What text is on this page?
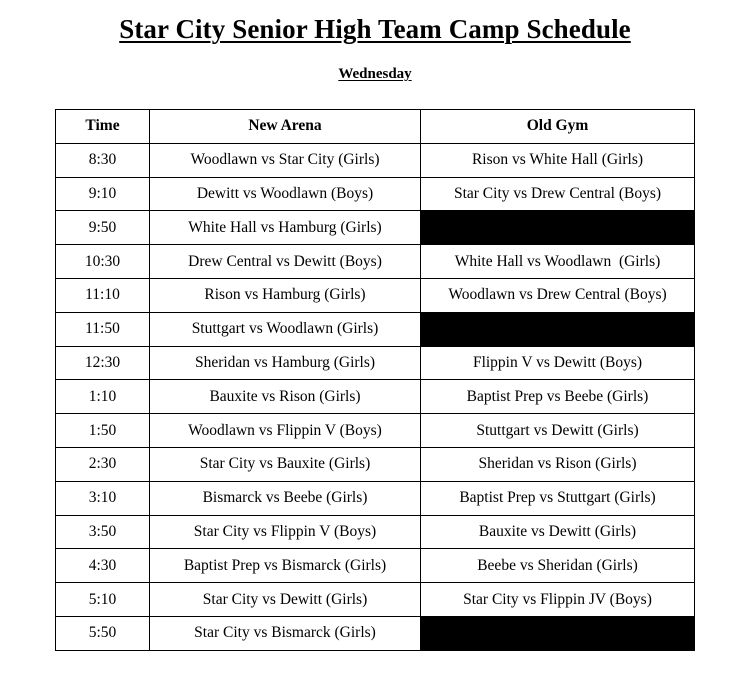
Star City Senior High Team Camp Schedule
Wednesday
Time	New Arena	Old Gym
8:30	Woodlawn vs Star City (Girls)	Rison vs White Hall (Girls)
9:10	Dewitt vs Woodlawn (Boys)	Star City vs Drew Central (Boys)
9:50	White Hall vs Hamburg (Girls)	
10:30	Drew Central vs Dewitt (Boys)	White Hall vs Woodlawn  (Girls)
11:10	Rison vs Hamburg (Girls)	Woodlawn vs Drew Central (Boys)
11:50	Stuttgart vs Woodlawn (Girls)	
12:30	Sheridan vs Hamburg (Girls)	Flippin V vs Dewitt (Boys)
1:10	Bauxite vs Rison (Girls)	Baptist Prep vs Beebe (Girls)
1:50	Woodlawn vs Flippin V (Boys)	Stuttgart vs Dewitt (Girls)
2:30	Star City vs Bauxite (Girls)	Sheridan vs Rison (Girls)
3:10	Bismarck vs Beebe (Girls)	Baptist Prep vs Stuttgart (Girls)
3:50	Star City vs Flippin V (Boys)	Bauxite vs Dewitt (Girls)
4:30	Baptist Prep vs Bismarck (Girls)	Beebe vs Sheridan (Girls)
5:10	Star City vs Dewitt (Girls)	Star City vs Flippin JV (Boys)
5:50	Star City vs Bismarck (Girls)	
